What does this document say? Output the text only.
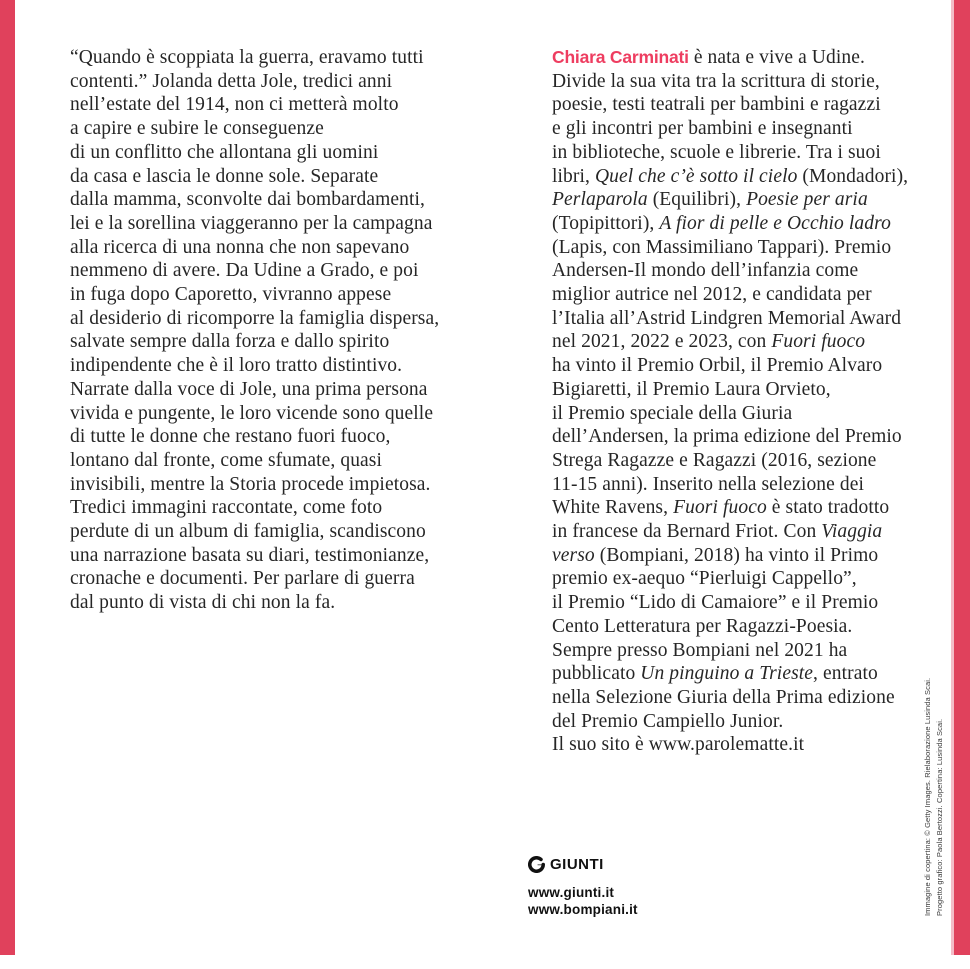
“Quando è scoppiata la guerra, eravamo tutti
contenti.” Jolanda detta Jole, tredici anni
nell’estate del 1914, non ci metterà molto
a capire e subire le conseguenze
di un conflitto che allontana gli uomini
da casa e lascia le donne sole. Separate
dalla mamma, sconvolte dai bombardamenti,
lei e la sorellina viaggeranno per la campagna
alla ricerca di una nonna che non sapevano
nemmeno di avere. Da Udine a Grado, e poi
in fuga dopo Caporetto, vivranno appese
al desiderio di ricomporre la famiglia dispersa,
salvate sempre dalla forza e dallo spirito
indipendente che è il loro tratto distintivo.
Narrate dalla voce di Jole, una prima persona
vivida e pungente, le loro vicende sono quelle
di tutte le donne che restano fuori fuoco,
lontano dal fronte, come sfumate, quasi
invisibili, mentre la Storia procede impietosa.
Tredici immagini raccontate, come foto
perdute di un album di famiglia, scandiscono
una narrazione basata su diari, testimonianze,
cronache e documenti. Per parlare di guerra
dal punto di vista di chi non la fa.
Chiara Carminati è nata e vive a Udine.
Divide la sua vita tra la scrittura di storie,
poesie, testi teatrali per bambini e ragazzi
e gli incontri per bambini e insegnanti
in biblioteche, scuole e librerie. Tra i suoi
libri, Quel che c’è sotto il cielo (Mondadori),
Perlaparola (Equilibri), Poesie per aria
(Topipittori), A fior di pelle e Occhio ladro
(Lapis, con Massimiliano Tappari). Premio
Andersen-Il mondo dell’infanzia come
miglior autrice nel 2012, e candidata per
l’Italia all’Astrid Lindgren Memorial Award
nel 2021, 2022 e 2023, con Fuori fuoco
ha vinto il Premio Orbil, il Premio Alvaro
Bigiaretti, il Premio Laura Orvieto,
il Premio speciale della Giuria
dell’Andersen, la prima edizione del Premio
Strega Ragazze e Ragazzi (2016, sezione
11-15 anni). Inserito nella selezione dei
White Ravens, Fuori fuoco è stato tradotto
in francese da Bernard Friot. Con Viaggia
verso (Bompiani, 2018) ha vinto il Primo
premio ex-aequo “Pierluigi Cappello”,
il Premio “Lido di Camaiore” e il Premio
Cento Letteratura per Ragazzi-Poesia.
Sempre presso Bompiani nel 2021 ha
pubblicato Un pinguino a Trieste, entrato
nella Selezione Giuria della Prima edizione
del Premio Campiello Junior.
Il suo sito è www.parolematte.it
GIUNTI
www.giunti.it
www.bompiani.it	Immagine di copertina: © Getty Images. Rielaborazione Lusinda Scai. Progetto grafico: Paola Bertozzi. Copertina: Lusinda Scai.
